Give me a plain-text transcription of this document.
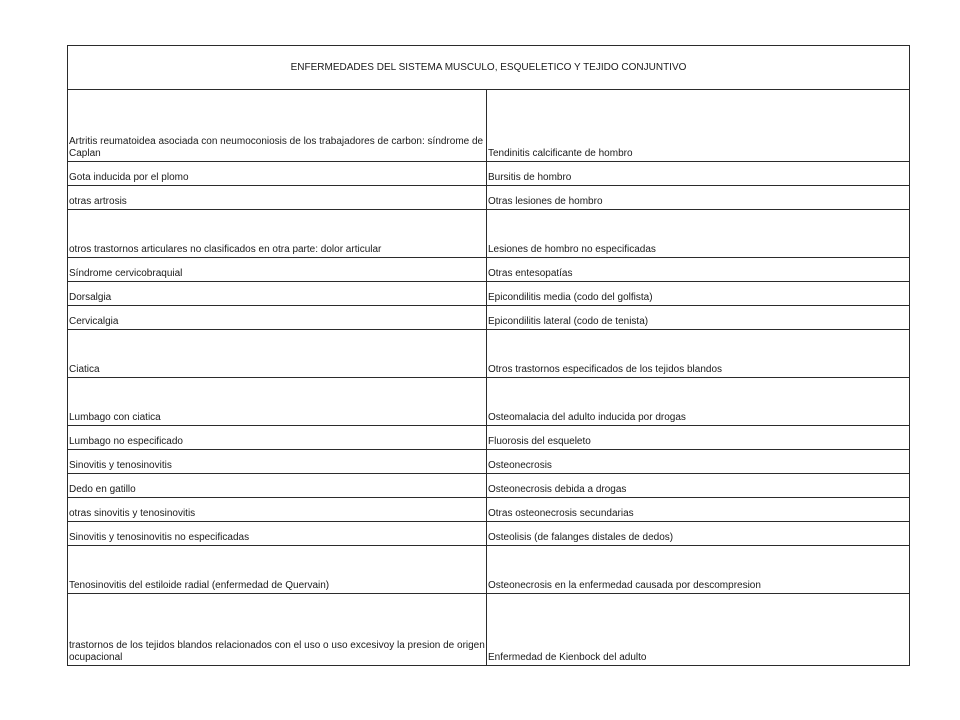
ENFERMEDADES DEL SISTEMA MUSCULO, ESQUELETICO Y TEJIDO CONJUNTIVO	
Artritis reumatoidea asociada con neumoconiosis de los trabajadores de carbon: síndrome de Caplan	Tendinitis calcificante de hombro
Gota inducida por el plomo	Bursitis de hombro
otras artrosis	Otras lesiones de hombro
otros trastornos articulares no clasificados en otra parte: dolor articular	Lesiones de hombro no especificadas
Síndrome cervicobraquial	Otras entesopatías
Dorsalgia	Epicondilitis media (codo del golfista)
Cervicalgia	Epicondilitis lateral (codo de tenista)
Ciatica	Otros trastornos especificados de los tejidos blandos
Lumbago con ciatica	Osteomalacia del adulto inducida por drogas
Lumbago no especificado	Fluorosis del esqueleto
Sinovitis y tenosinovitis	Osteonecrosis
Dedo en gatillo	Osteonecrosis debida a drogas
otras sinovitis y tenosinovitis	Otras osteonecrosis secundarias
Sinovitis y tenosinovitis no especificadas	Osteolisis (de falanges distales de dedos)
Tenosinovitis del estiloide radial (enfermedad de Quervain)	Osteonecrosis en la enfermedad causada por descompresion
trastornos de los tejidos blandos relacionados con el uso o uso excesivoy la presion de origen ocupacional	Enfermedad de Kienbock del adulto
